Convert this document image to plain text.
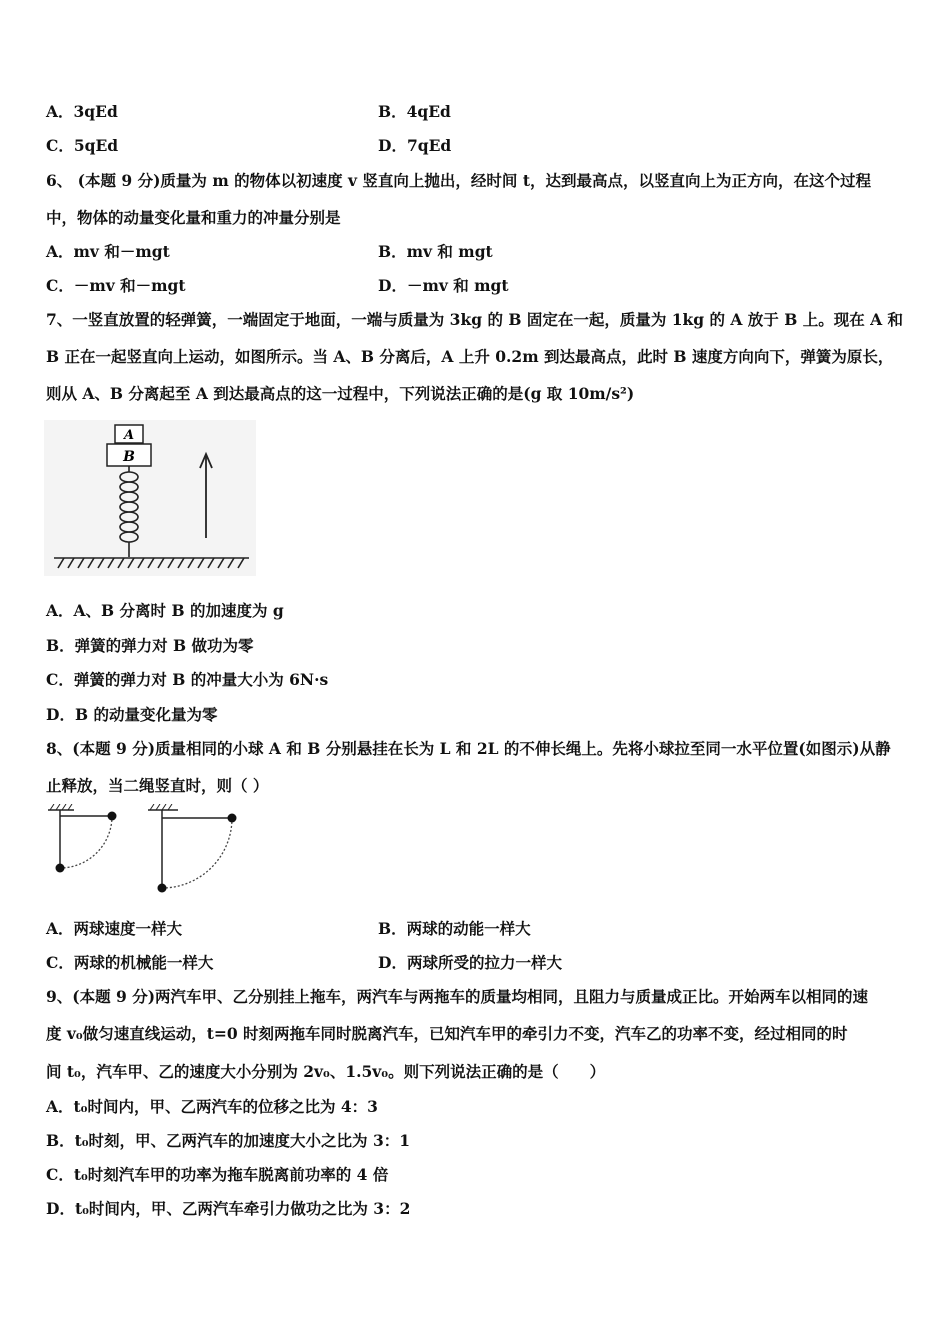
A．3qEd	B．4qEd
C．5qEd	D．7qEd
6、 (本题 9 分)质量为 m 的物体以初速度 v 竖直向上抛出，经时间 t，达到最高点，以竖直向上为正方向，在这个过程
中，物体的动量变化量和重力的冲量分别是
A．mv 和－mgt	B．mv 和 mgt
C．－mv 和－mgt	D．－mv 和 mgt
7、一竖直放置的轻弹簧，一端固定于地面，一端与质量为 3kg 的 B 固定在一起，质量为 1kg 的 A 放于 B 上。现在 A 和
B 正在一起竖直向上运动，如图所示。当 A、B 分离后，A 上升 0.2m 到达最高点，此时 B 速度方向向下，弹簧为原长，
则从 A、B 分离起至 A 到达最高点的这一过程中，下列说法正确的是(g 取 10m/s²)
A
B
A．A、B 分离时 B 的加速度为 g
B．弹簧的弹力对 B 做功为零
C．弹簧的弹力对 B 的冲量大小为 6N·s
D．B 的动量变化量为零
8、(本题 9 分)质量相同的小球 A 和 B 分别悬挂在长为 L 和 2L 的不伸长绳上。先将小球拉至同一水平位置(如图示)从静
止释放，当二绳竖直时，则（ ）
A．两球速度一样大	B．两球的动能一样大
C．两球的机械能一样大	D．两球所受的拉力一样大
9、(本题 9 分)两汽车甲、乙分别挂上拖车，两汽车与两拖车的质量均相同，且阻力与质量成正比。开始两车以相同的速
度 v₀做匀速直线运动，t=0 时刻两拖车同时脱离汽车，已知汽车甲的牵引力不变，汽车乙的功率不变，经过相同的时
间 t₀，汽车甲、乙的速度大小分别为 2v₀、1.5v₀。则下列说法正确的是（　　）
A．t₀时间内，甲、乙两汽车的位移之比为 4：3
B．t₀时刻，甲、乙两汽车的加速度大小之比为 3：1
C．t₀时刻汽车甲的功率为拖车脱离前功率的 4 倍
D．t₀时间内，甲、乙两汽车牵引力做功之比为 3：2
